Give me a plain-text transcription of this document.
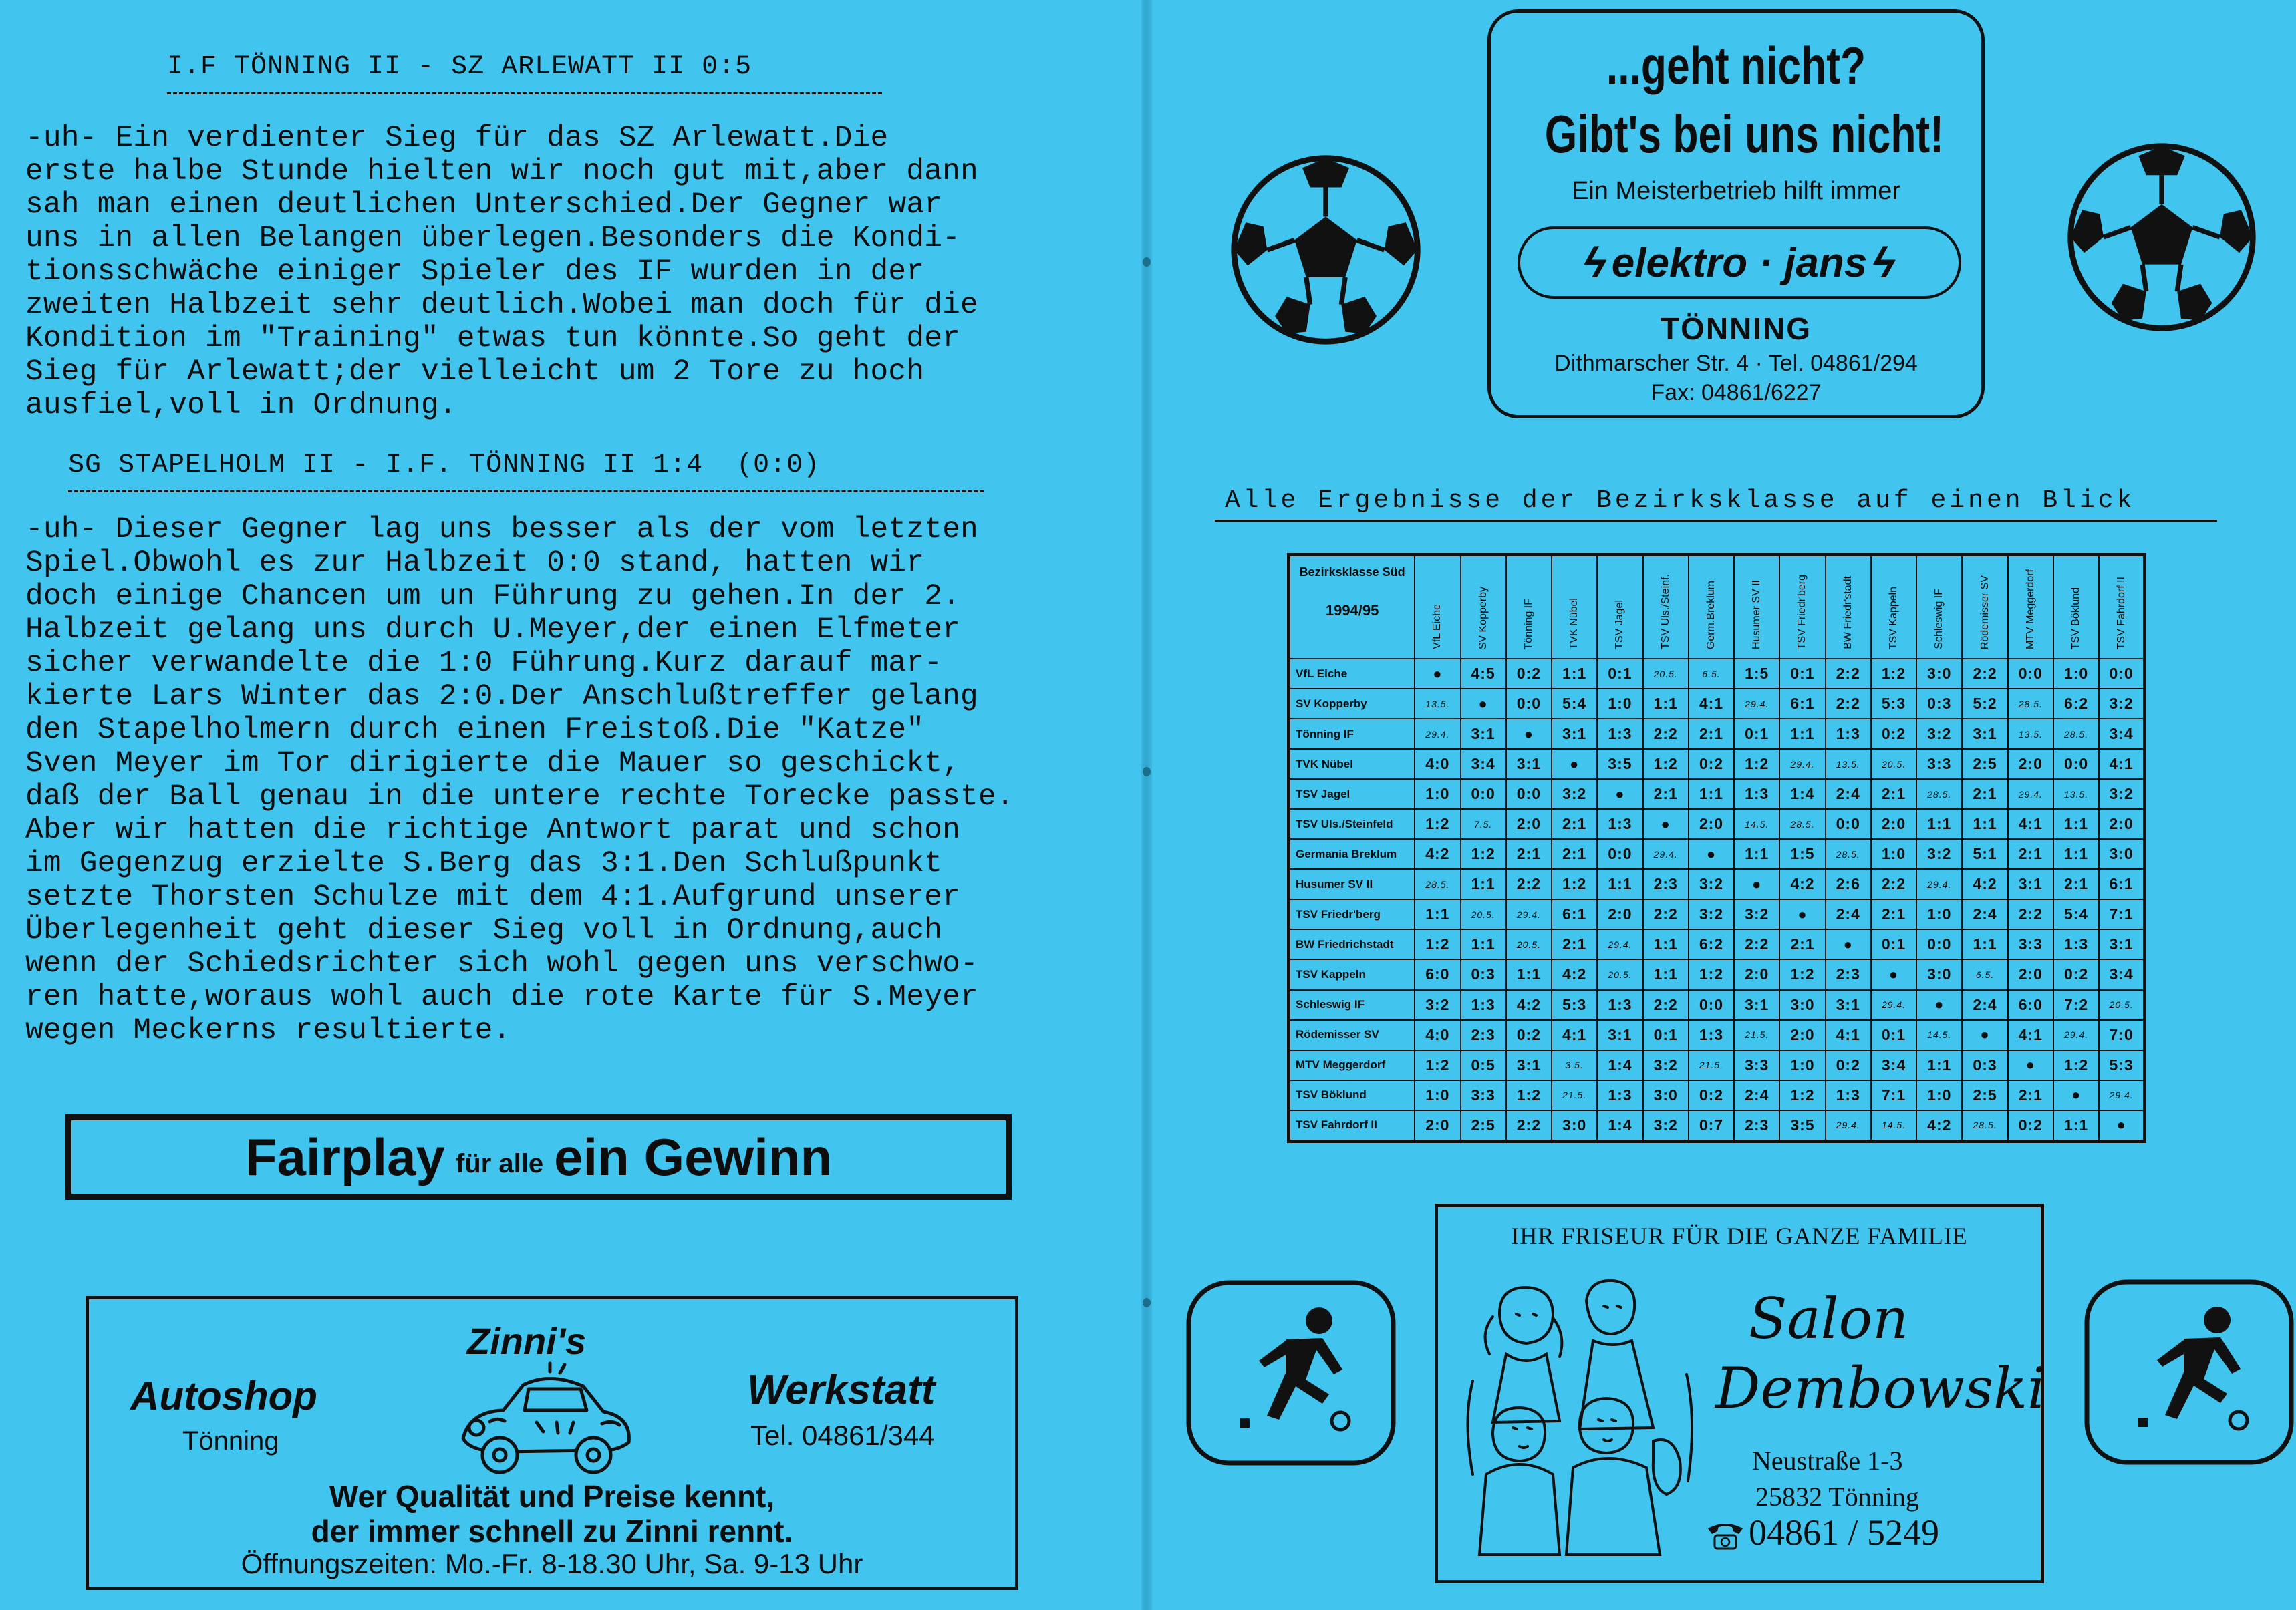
I.F TÖNNING II - SZ ARLEWATT II 0:5
-uh- Ein verdienter Sieg für das SZ Arlewatt.Die
erste halbe Stunde hielten wir noch gut mit,aber dann
sah man einen deutlichen Unterschied.Der Gegner war
uns in allen Belangen überlegen.Besonders die Kondi-
tionsschwäche einiger Spieler des IF wurden in der
zweiten Halbzeit sehr deutlich.Wobei man doch für die
Kondition im "Training" etwas tun könnte.So geht der
Sieg für Arlewatt;der vielleicht um 2 Tore zu hoch
ausfiel,voll in Ordnung.
SG STAPELHOLM II - I.F. TÖNNING II 1:4  (0:0)
-uh- Dieser Gegner lag uns besser als der vom letzten
Spiel.Obwohl es zur Halbzeit 0:0 stand, hatten wir
doch einige Chancen um un Führung zu gehen.In der 2.
Halbzeit gelang uns durch U.Meyer,der einen Elfmeter
sicher verwandelte die 1:0 Führung.Kurz darauf mar-
kierte Lars Winter das 2:0.Der Anschlußtreffer gelang
den Stapelholmern durch einen Freistoß.Die "Katze"
Sven Meyer im Tor dirigierte die Mauer so geschickt,
daß der Ball genau in die untere rechte Torecke passte.
Aber wir hatten die richtige Antwort parat und schon
im Gegenzug erzielte S.Berg das 3:1.Den Schlußpunkt
setzte Thorsten Schulze mit dem 4:1.Aufgrund unserer
Überlegenheit geht dieser Sieg voll in Ordnung,auch
wenn der Schiedsrichter sich wohl gegen uns verschwo-
ren hatte,woraus wohl auch die rote Karte für S.Meyer
wegen Meckerns resultierte.
Fairplay für alle ein Gewinn
Zinni's
Autoshop
Tönning
Werkstatt
Tel. 04861/344
Wer Qualität und Preise kennt,
der immer schnell zu Zinni rennt.
Öffnungszeiten: Mo.-Fr. 8-18.30 Uhr, Sa. 9-13 Uhr
...geht nicht?
Gibt's bei uns nicht!
Ein Meisterbetrieb hilft immer
ϟ elektro · jans ϟ
TÖNNING
Dithmarscher Str. 4 · Tel. 04861/294
Fax: 04861/6227
Alle Ergebnisse der Bezirksklasse auf einen Blick
Bezirksklasse Süd
1994/95	VfL Eiche	SV Kopperby	Tönning IF	TVK Nübel	TSV Jagel	TSV Uls./Steinf.	Germ.Breklum	Husumer SV II	TSV Friedr'berg	BW Friedr'stadt	TSV Kappeln	Schleswig IF	Rödemisser SV	MTV Meggerdorf	TSV Böklund	TSV Fahrdorf II
VfL Eiche	●	4:5	0:2	1:1	0:1	20.5.	6.5.	1:5	0:1	2:2	1:2	3:0	2:2	0:0	1:0	0:0
SV Kopperby	13.5.	●	0:0	5:4	1:0	1:1	4:1	29.4.	6:1	2:2	5:3	0:3	5:2	28.5.	6:2	3:2
Tönning IF	29.4.	3:1	●	3:1	1:3	2:2	2:1	0:1	1:1	1:3	0:2	3:2	3:1	13.5.	28.5.	3:4
TVK Nübel	4:0	3:4	3:1	●	3:5	1:2	0:2	1:2	29.4.	13.5.	20.5.	3:3	2:5	2:0	0:0	4:1
TSV Jagel	1:0	0:0	0:0	3:2	●	2:1	1:1	1:3	1:4	2:4	2:1	28.5.	2:1	29.4.	13.5.	3:2
TSV Uls./Steinfeld	1:2	7.5.	2:0	2:1	1:3	●	2:0	14.5.	28.5.	0:0	2:0	1:1	1:1	4:1	1:1	2:0
Germania Breklum	4:2	1:2	2:1	2:1	0:0	29.4.	●	1:1	1:5	28.5.	1:0	3:2	5:1	2:1	1:1	3:0
Husumer SV II	28.5.	1:1	2:2	1:2	1:1	2:3	3:2	●	4:2	2:6	2:2	29.4.	4:2	3:1	2:1	6:1
TSV Friedr'berg	1:1	20.5.	29.4.	6:1	2:0	2:2	3:2	3:2	●	2:4	2:1	1:0	2:4	2:2	5:4	7:1
BW Friedrichstadt	1:2	1:1	20.5.	2:1	29.4.	1:1	6:2	2:2	2:1	●	0:1	0:0	1:1	3:3	1:3	3:1
TSV Kappeln	6:0	0:3	1:1	4:2	20.5.	1:1	1:2	2:0	1:2	2:3	●	3:0	6.5.	2:0	0:2	3:4
Schleswig IF	3:2	1:3	4:2	5:3	1:3	2:2	0:0	3:1	3:0	3:1	29.4.	●	2:4	6:0	7:2	20.5.
Rödemisser SV	4:0	2:3	0:2	4:1	3:1	0:1	1:3	21.5.	2:0	4:1	0:1	14.5.	●	4:1	29.4.	7:0
MTV Meggerdorf	1:2	0:5	3:1	3.5.	1:4	3:2	21.5.	3:3	1:0	0:2	3:4	1:1	0:3	●	1:2	5:3
TSV Böklund	1:0	3:3	1:2	21.5.	1:3	3:0	0:2	2:4	1:2	1:3	7:1	1:0	2:5	2:1	●	29.4.
TSV Fahrdorf II	2:0	2:5	2:2	3:0	1:4	3:2	0:7	2:3	3:5	29.4.	14.5.	4:2	28.5.	0:2	1:1	●
IHR FRISEUR FÜR DIE GANZE FAMILIE
Salon
Dembowski
Neustraße 1-3
25832 Tönning
04861 / 5249
